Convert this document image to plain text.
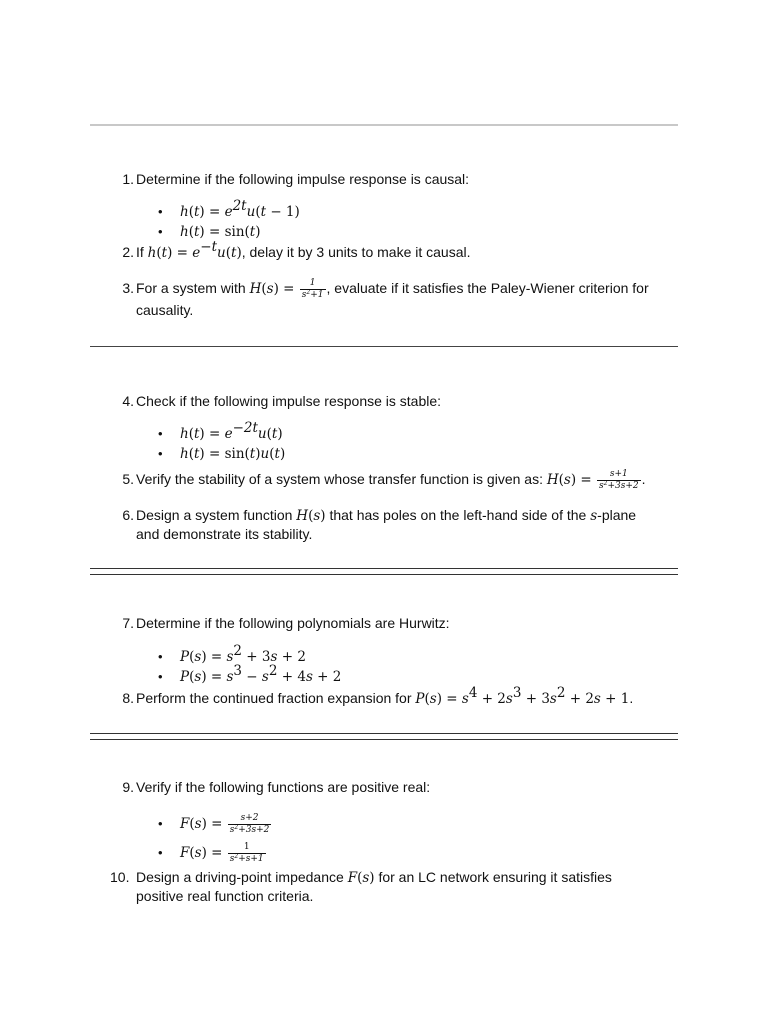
1. Determine if the following impulse response is causal:
• $h(t) = e^{2t}u(t - 1)$
• h(t) = sin(t)
2. If $h(t) = e^{-t}u(t)$, delay it by 3 units to make it causal.
3. For a system with $H(s) = \frac{1}{s^2+1}$ , evaluate if it satisfies the Paley-Wiener criterion for
causality.
4. Check if the following impulse response is stable:
• $h(t) = e^{-2t}u(t)$
• h(t) = sin(t)u(t)
5. Verify the stability of a system whose transfer function is given as: $H(s) = \frac{s+1}{s^2+3s+2}$ .
6. Design a system function H(s) that has poles on the left-hand side of the s-plane
and demonstrate its stability.
7. Determine if the following polynomials are Hurwitz:
• $P(s) = s^2 + 3s + 2$
• $P(s) = s^3 - s^2 + 4s + 2$
8. Perform the continued fraction expansion for $P(s) = s^4 + 2s^3 + 3s^2 + 2s + 1$.
9. Verify if the following functions are positive real:
• $F(s) = \frac{s+2}{s^2+3s+2}$
• $F(s) = \frac{1}{s^2+s+1}$
10. Design a driving-point impedance F(s) for an LC network ensuring it satisfies
positive real function criteria.
